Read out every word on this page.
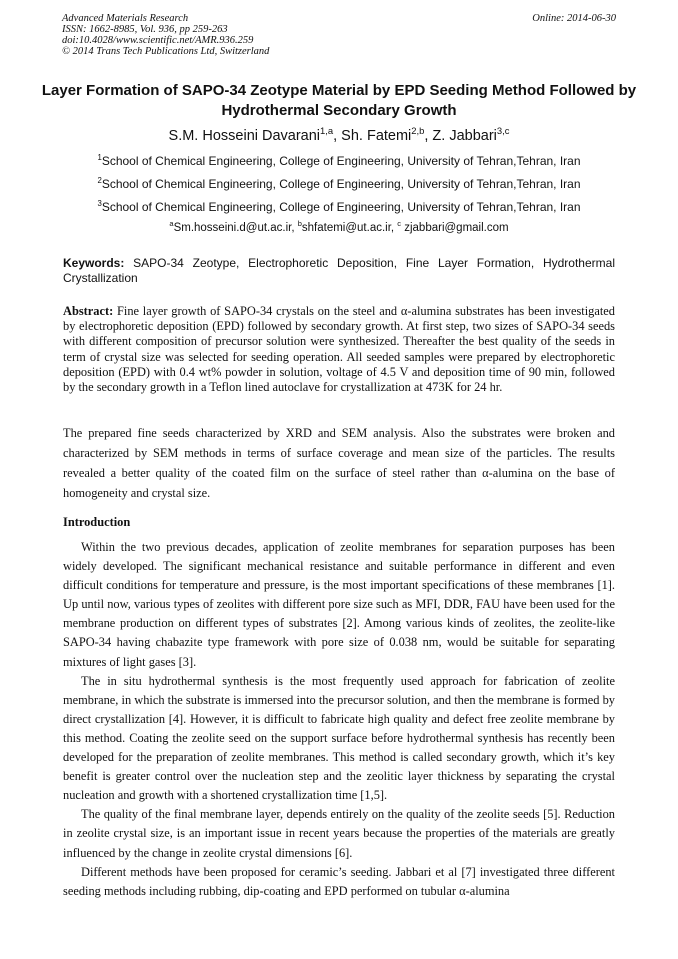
Advanced Materials Research
ISSN: 1662-8985, Vol. 936, pp 259-263
doi:10.4028/www.scientific.net/AMR.936.259
© 2014 Trans Tech Publications Ltd, Switzerland
Online: 2014-06-30
Layer Formation of SAPO-34 Zeotype Material by EPD Seeding Method Followed by Hydrothermal Secondary Growth
S.M. Hosseini Davarani$^{1,a}$, Sh. Fatemi$^{2,b}$, Z. Jabbari$^{3,c}$
$^1$School of Chemical Engineering, College of Engineering, University of Tehran,Tehran, Iran
$^2$School of Chemical Engineering, College of Engineering, University of Tehran,Tehran, Iran
$^3$School of Chemical Engineering, College of Engineering, University of Tehran,Tehran, Iran
$^a$Sm.hosseini.d@ut.ac.ir, $^b$shfatemi@ut.ac.ir, $^c$ zjabbari@gmail.com
Keywords: SAPO-34 Zeotype, Electrophoretic Deposition, Fine Layer Formation, Hydrothermal Crystallization
Abstract: Fine layer growth of SAPO-34 crystals on the steel and α-alumina substrates has been investigated by electrophoretic deposition (EPD) followed by secondary growth. At first step, two sizes of SAPO-34 seeds with different composition of precursor solution were synthesized. Thereafter the best quality of the seeds in term of crystal size was selected for seeding operation. All seeded samples were prepared by electrophoretic deposition (EPD) with 0.4 wt% powder in solution, voltage of 4.5 V and deposition time of 90 min, followed by the secondary growth in a Teflon lined autoclave for crystallization at 473K for 24 hr.
The prepared fine seeds characterized by XRD and SEM analysis. Also the substrates were broken and characterized by SEM methods in terms of surface coverage and mean size of the particles. The results revealed a better quality of the coated film on the surface of steel rather than α-alumina on the base of homogeneity and crystal size.
Introduction

Within the two previous decades, application of zeolite membranes for separation purposes has been widely developed. The significant mechanical resistance and suitable performance in different and even difficult conditions for temperature and pressure, is the most important specifications of these membranes [1]. Up until now, various types of zeolites with different pore size such as MFI, DDR, FAU have been used for the membrane production on different types of substrates [2]. Among various kinds of zeolites, the zeolite-like SAPO-34 having chabazite type framework with pore size of 0.038 nm, would be suitable for separating mixtures of light gases [3].

The in situ hydrothermal synthesis is the most frequently used approach for fabrication of zeolite membrane, in which the substrate is immersed into the precursor solution, and then the membrane is formed by direct crystallization [4]. However, it is difficult to fabricate high quality and defect free zeolite membrane by this method. Coating the zeolite seed on the support surface before hydrothermal synthesis has recently been developed for the preparation of zeolite membranes. This method is called secondary growth, which it’s key benefit is greater control over the nucleation step and the zeolitic layer thickness by separating the crystal nucleation and growth with a shortened crystallization time [1,5].

The quality of the final membrane layer, depends entirely on the quality of the zeolite seeds [5]. Reduction in zeolite crystal size, is an important issue in recent years because the properties of the materials are greatly influenced by the change in zeolite crystal dimensions [6].

Different methods have been proposed for ceramic’s seeding. Jabbari et al [7] investigated three different seeding methods including rubbing, dip-coating and EPD performed on tubular α-alumina
